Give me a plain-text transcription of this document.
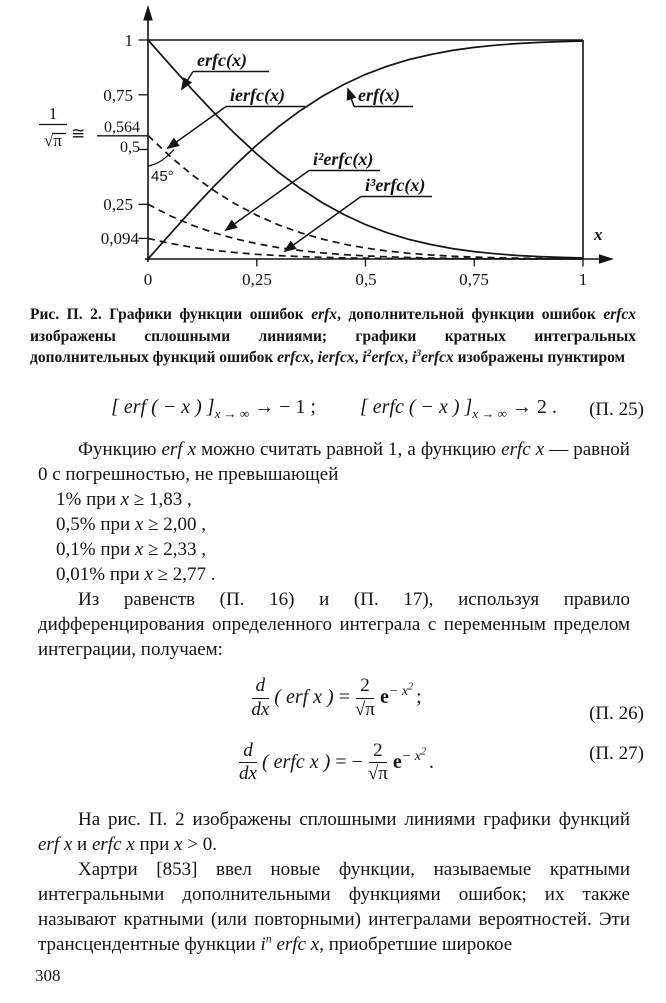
45°
erfc(x)
ierfc(x)	erf(x)
i²erfc(x)
i³erfc(x)
1
0,75
0,564
0,5
0,25
0,094
1
√π ≅
0	0,25	0,5	0,75	1
x
Рис. П. 2. Графики функции ошибок erfx, дополнительной функции ошибок erfcx изображены сплошными линиями; графики кратных интегральных дополнительных функций ошибок erfcx, ierfcx, $i^2erfcx$, $i^3erfcx$ изображены пунктиром
[ erf ( − x ) ]$_{x \to \infty}$ → − 1 ; [ erfc ( − x ) ]$_{x \to \infty} \to 2$ . (П. 25)

Функцию erf x можно считать равной 1, а функцию erfc x — равной 0 с погрешностью, не превышающей

1% при x ≥ 1,83 ,
0,5% при x ≥ 2,00 ,
0,1% при x ≥ 2,33 ,
0,01% при x ≥ 2,77 .

Из равенств (П. 16) и (П. 17), используя правило дифференцирования определенного интеграла с переменным пределом интеграции, получаем:

$\frac{d}{dx}$ ( erf x ) = $\frac{2}{√\pi} e^{- x^2}$ ;
(П. 26)
$\frac{d}{dx}$ ( erfc x ) = − $\frac{2}{√\pi} e^{- x^2}$ .	(П. 27)

На рис. П. 2 изображены сплошными линиями графики функций erf x и erfc x при x > 0.

Хартри [853] ввел новые функции, называемые кратными интегральными дополнительными функциями ошибок; их также называют кратными (или повторными) интегралами вероятностей. Эти трансцендентные функции $i^n$ erfc x, приобретшие широкое

308
